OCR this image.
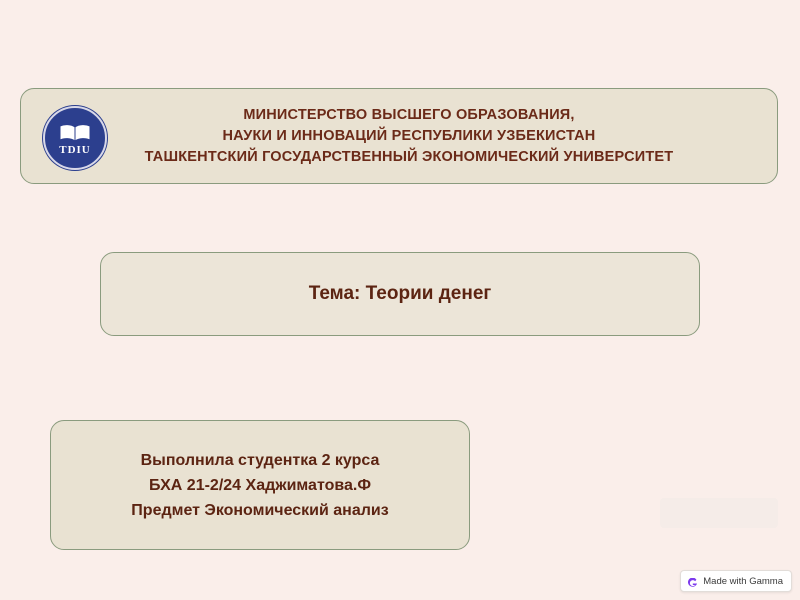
TDIU
МИНИСТЕРСТВО ВЫСШЕГО ОБРАЗОВАНИЯ,
НАУКИ И ИННОВАЦИЙ РЕСПУБЛИКИ УЗБЕКИСТАН
ТАШКЕНТСКИЙ ГОСУДАРСТВЕННЫЙ ЭКОНОМИЧЕСКИЙ УНИВЕРСИТЕТ
Тема: Теории денег
Выполнила студентка 2 курса
БХА 21-2/24 Хаджиматова.Ф
Предмет Экономический анализ
Made with Gamma
